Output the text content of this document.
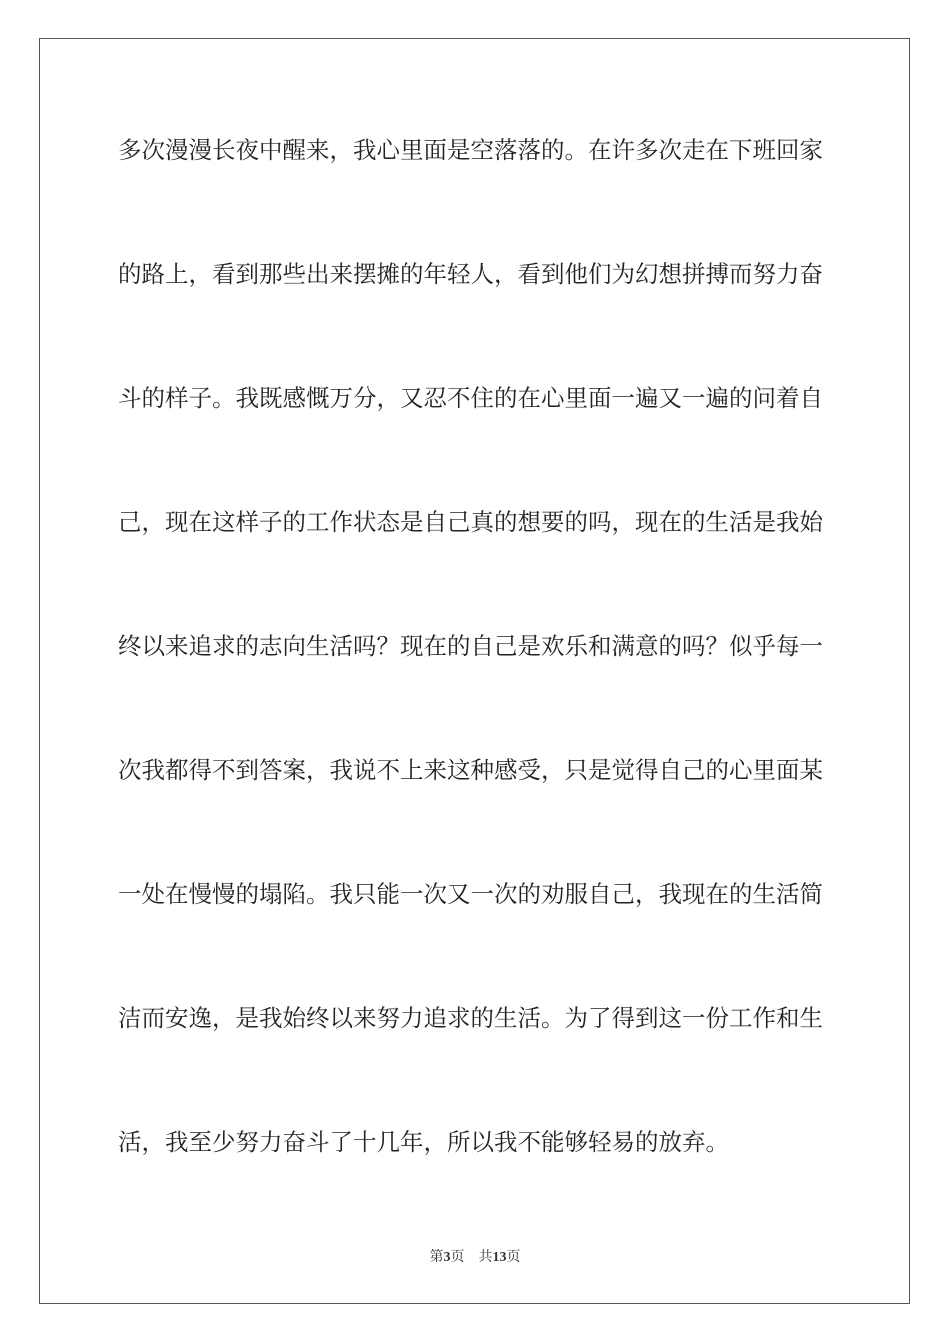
多次漫漫长夜中醒来，我心里面是空落落的。在许多次走在下班回家
的路上，看到那些出来摆摊的年轻人，看到他们为幻想拼搏而努力奋
斗的样子。我既感慨万分，又忍不住的在心里面一遍又一遍的问着自
己，现在这样子的工作状态是自己真的想要的吗，现在的生活是我始
终以来追求的志向生活吗？现在的自己是欢乐和满意的吗？似乎每一
次我都得不到答案，我说不上来这种感受，只是觉得自己的心里面某
一处在慢慢的塌陷。我只能一次又一次的劝服自己，我现在的生活简
洁而安逸，是我始终以来努力追求的生活。为了得到这一份工作和生
活，我至少努力奋斗了十几年，所以我不能够轻易的放弃。
第3页 共13页
